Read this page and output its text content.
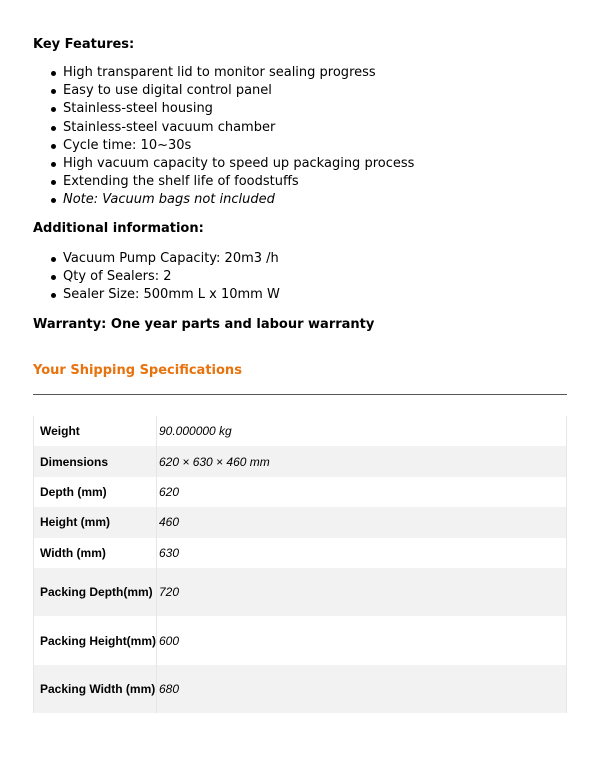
Key Features:
High transparent lid to monitor sealing progress
Easy to use digital control panel
Stainless-steel housing
Stainless-steel vacuum chamber
Cycle time: 10~30s
High vacuum capacity to speed up packaging process
Extending the shelf life of foodstuffs
Note: Vacuum bags not included
Additional information:
Vacuum Pump Capacity: 20m3 /h
Qty of Sealers: 2
Sealer Size: 500mm L x 10mm W
Warranty: One year parts and labour warranty
Your Shipping Specifications
Weight	90.000000 kg
Dimensions	620 × 630 × 460 mm
Depth (mm)	620
Height (mm)	460
Width (mm)	630
Packing Depth(mm)	720
Packing Height(mm)	600
Packing Width (mm)	680
